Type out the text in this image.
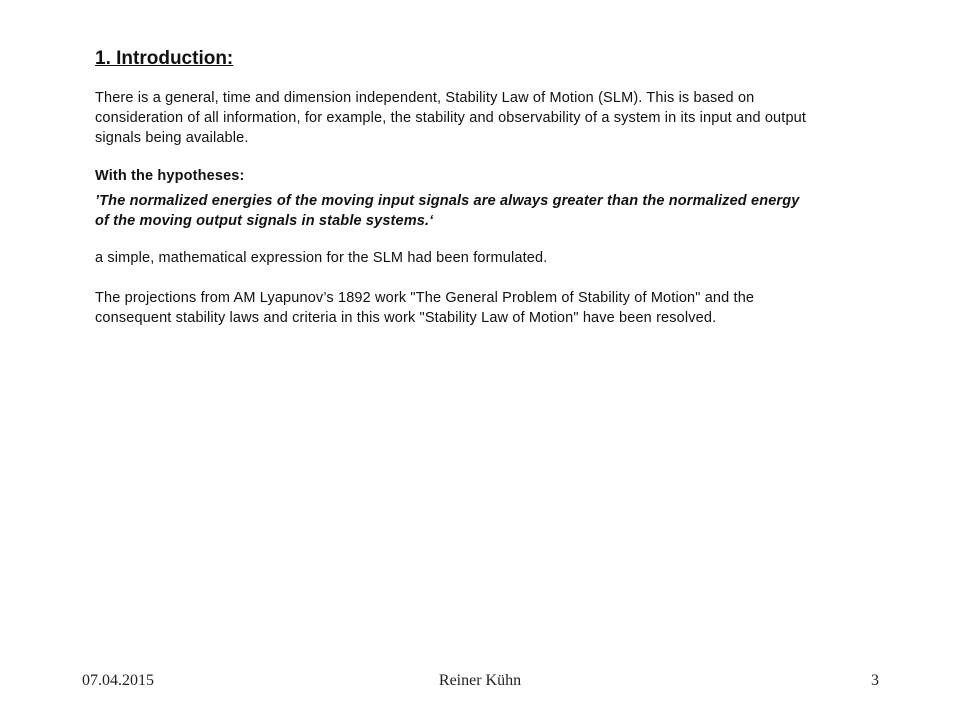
1. Introduction:

There is a general, time and dimension independent, Stability Law of Motion (SLM). This is based on consideration of all information, for example, the stability and observability of a system in its input and output signals being available.

With the hypotheses:

’The normalized energies of the moving input signals are always greater than the normalized energy of the moving output signals in stable systems.‘

a simple, mathematical expression for the SLM had been formulated.

The projections from AM Lyapunov’s 1892 work "The General Problem of Stability of Motion" and the consequent stability laws and criteria in this work "Stability Law of Motion" have been resolved.

07.04.2015	Reiner Kühn	3
